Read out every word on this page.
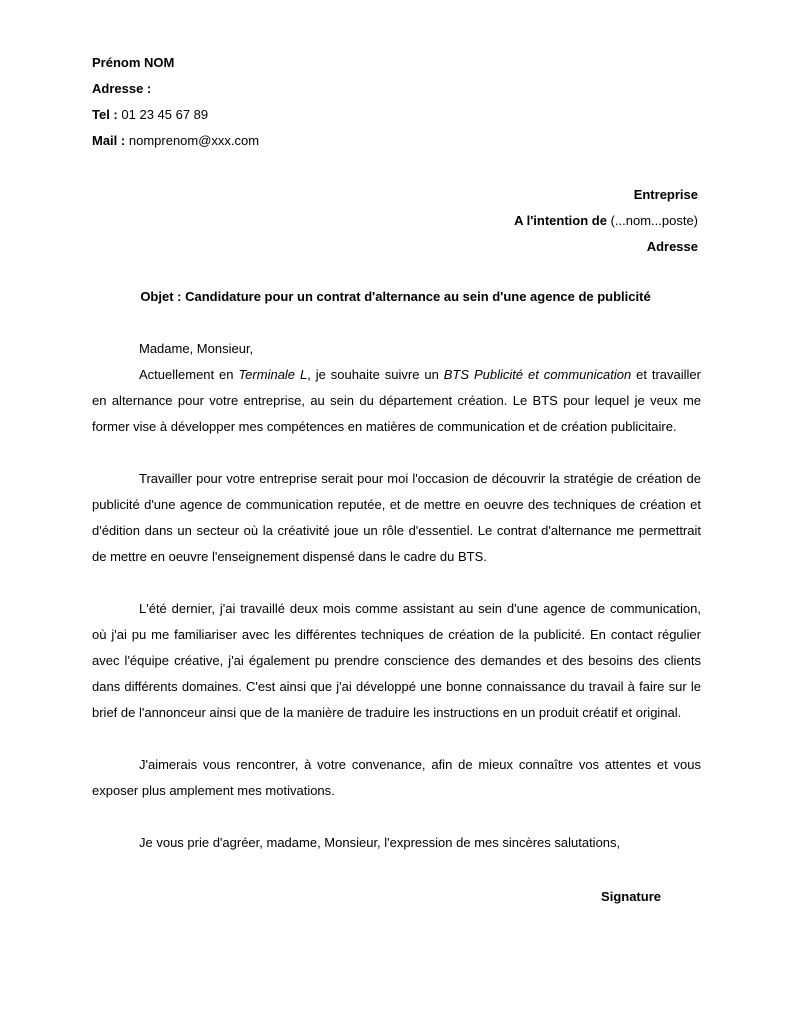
Prénom NOM
Adresse :
Tel : 01 23 45 67 89
Mail : nomprenom@xxx.com
Entreprise
A l'intention de (...nom...poste)
Adresse
Objet : Candidature pour un contrat d'alternance au sein d'une agence de publicité

Madame, Monsieur,

Actuellement en Terminale L, je souhaite suivre un BTS Publicité et communication et travailler en alternance pour votre entreprise, au sein du département création. Le BTS pour lequel je veux me former vise à développer mes compétences en matières de communication et de création publicitaire.

Travailler pour votre entreprise serait pour moi l'occasion de découvrir la stratégie de création de publicité d'une agence de communication reputée, et de mettre en oeuvre des techniques de création et d'édition dans un secteur où la créativité joue un rôle d'essentiel. Le contrat d'alternance me permettrait de mettre en oeuvre l'enseignement dispensé dans le cadre du BTS.

L'été dernier, j'ai travaillé deux mois comme assistant au sein d'une agence de communication, où j'ai pu me familiariser avec les différentes techniques de création de la publicité. En contact régulier avec l'équipe créative, j'ai également pu prendre conscience des demandes et des besoins des clients dans différents domaines. C'est ainsi que j'ai développé une bonne connaissance du travail à faire sur le brief de l'annonceur ainsi que de la manière de traduire les instructions en un produit créatif et original.

J'aimerais vous rencontrer, à votre convenance, afin de mieux connaître vos attentes et vous exposer plus amplement mes motivations.

Je vous prie d'agréer, madame, Monsieur, l'expression de mes sincères salutations,

Signature
